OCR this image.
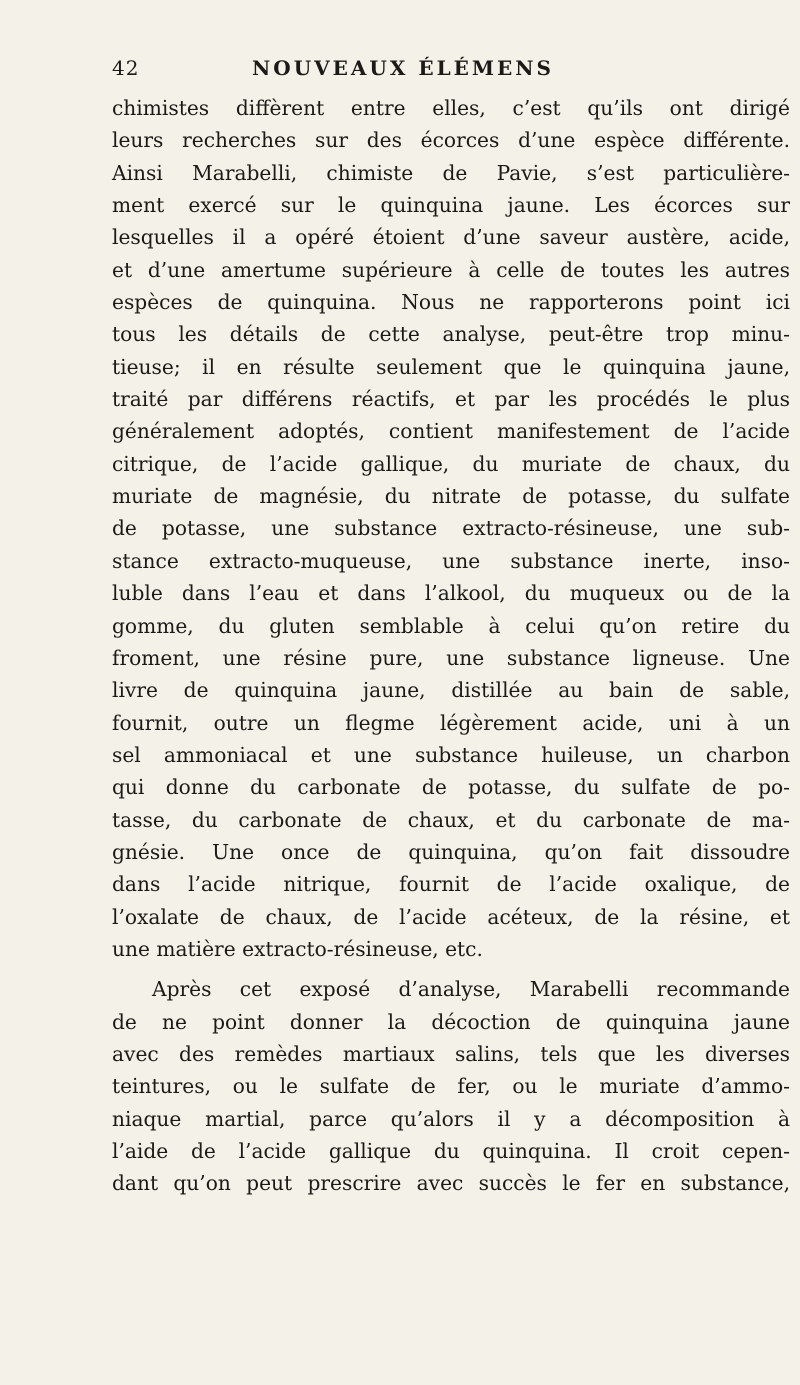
42	NOUVEAUX ÉLÉMENS
chimistes diffèrent entre elles, c’est qu’ils ont dirigé
leurs recherches sur des écorces d’une espèce différente.
Ainsi Marabelli, chimiste de Pavie, s’est particulière-
ment exercé sur le quinquina jaune. Les écorces sur
lesquelles il a opéré étoient d’une saveur austère, acide,
et d’une amertume supérieure à celle de toutes les autres
espèces de quinquina. Nous ne rapporterons point ici
tous les détails de cette analyse, peut-être trop minu-
tieuse; il en résulte seulement que le quinquina jaune,
traité par différens réactifs, et par les procédés le plus
généralement adoptés, contient manifestement de l’acide
citrique, de l’acide gallique, du muriate de chaux, du
muriate de magnésie, du nitrate de potasse, du sulfate
de potasse, une substance extracto-résineuse, une sub-
stance extracto-muqueuse, une substance inerte, inso-
luble dans l’eau et dans l’alkool, du muqueux ou de la
gomme, du gluten semblable à celui qu’on retire du
froment, une résine pure, une substance ligneuse. Une
livre de quinquina jaune, distillée au bain de sable,
fournit, outre un flegme légèrement acide, uni à un
sel ammoniacal et une substance huileuse, un charbon
qui donne du carbonate de potasse, du sulfate de po-
tasse, du carbonate de chaux, et du carbonate de ma-
gnésie. Une once de quinquina, qu’on fait dissoudre
dans l’acide nitrique, fournit de l’acide oxalique, de
l’oxalate de chaux, de l’acide acéteux, de la résine, et
une matière extracto-résineuse, etc.
Après cet exposé d’analyse, Marabelli recommande
de ne point donner la décoction de quinquina jaune
avec des remèdes martiaux salins, tels que les diverses
teintures, ou le sulfate de fer, ou le muriate d’ammo-
niaque martial, parce qu’alors il y a décomposition à
l’aide de l’acide gallique du quinquina. Il croit cepen-
dant qu’on peut prescrire avec succès le fer en substance,
